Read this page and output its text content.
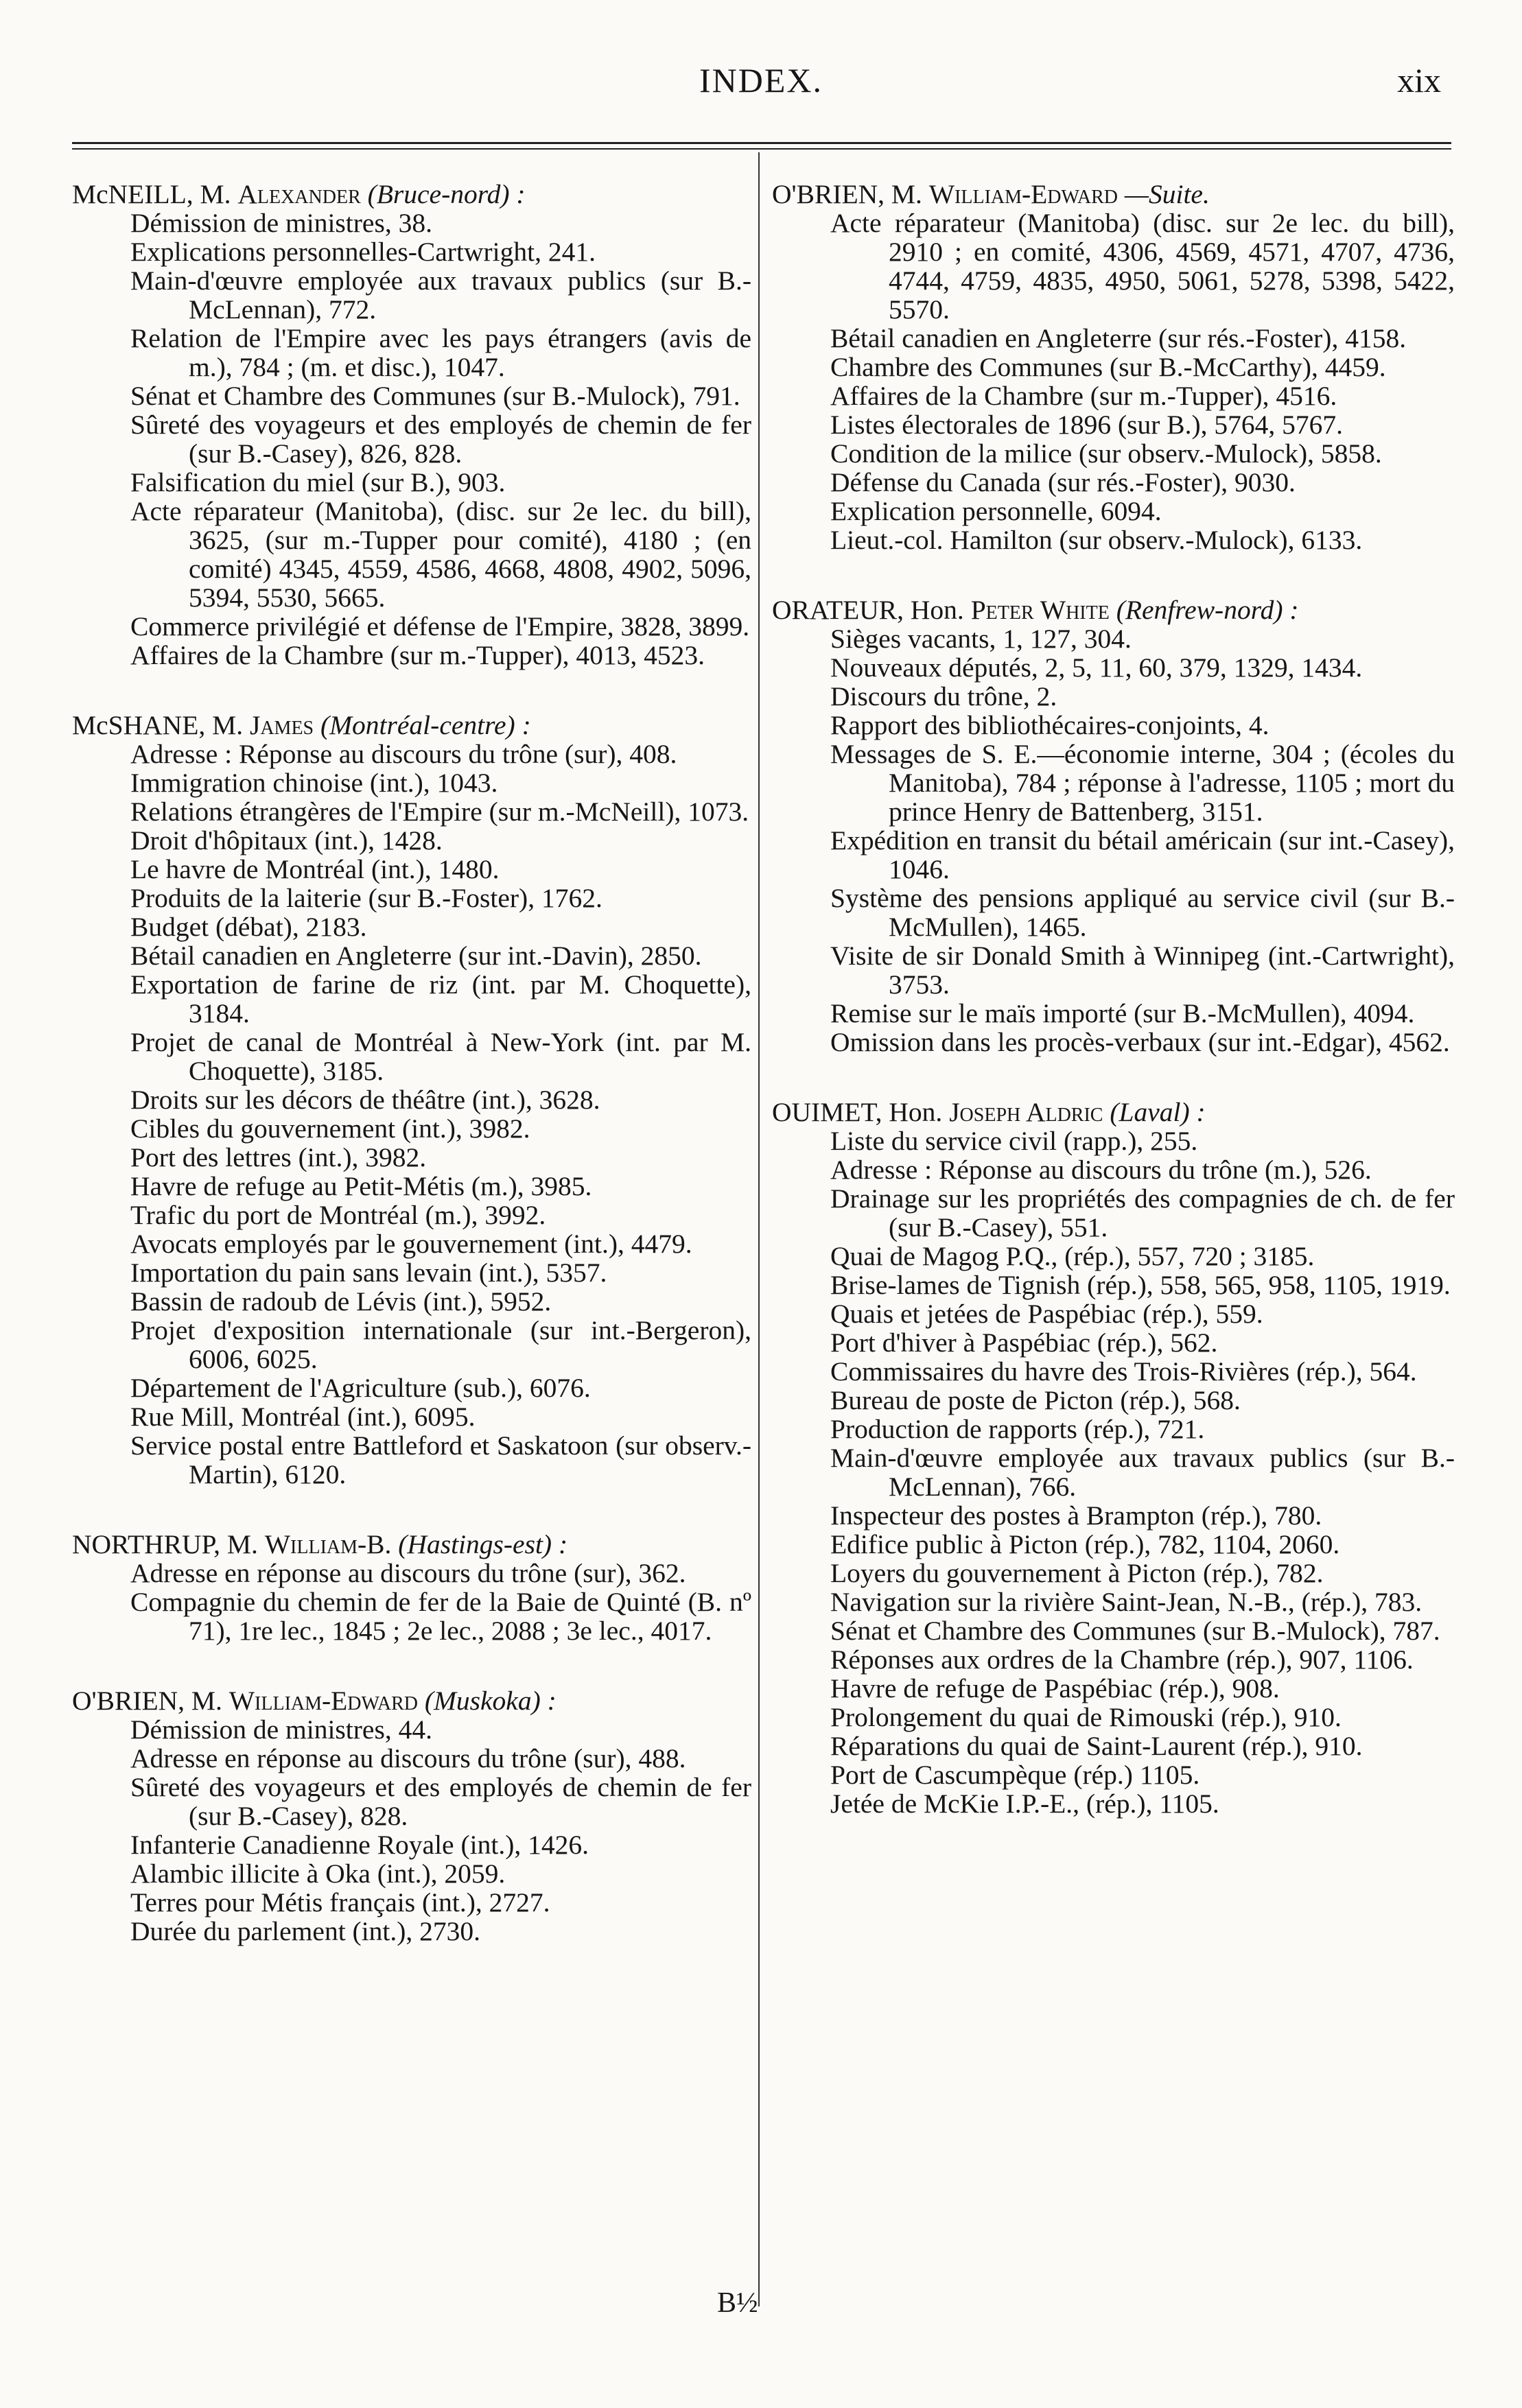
INDEX.	xix
McNEILL, M. Alexander (Bruce-nord) :
Démission de ministres, 38.
Explications personnelles-Cartwright, 241.
Main-d'œuvre employée aux travaux publics (sur B.-McLennan), 772.
Relation de l'Empire avec les pays étrangers (avis de m.), 784 ; (m. et disc.), 1047.
Sénat et Chambre des Communes (sur B.-Mulock), 791.
Sûreté des voyageurs et des employés de chemin de fer (sur B.-Casey), 826, 828.
Falsification du miel (sur B.), 903.
Acte réparateur (Manitoba), (disc. sur 2e lec. du bill), 3625, (sur m.-Tupper pour comité), 4180 ; (en comité) 4345, 4559, 4586, 4668, 4808, 4902, 5096, 5394, 5530, 5665.
Commerce privilégié et défense de l'Empire, 3828, 3899.
Affaires de la Chambre (sur m.-Tupper), 4013, 4523.
McSHANE, M. James (Montréal-centre) :
Adresse : Réponse au discours du trône (sur), 408.
Immigration chinoise (int.), 1043.
Relations étrangères de l'Empire (sur m.-McNeill), 1073.
Droit d'hôpitaux (int.), 1428.
Le havre de Montréal (int.), 1480.
Produits de la laiterie (sur B.-Foster), 1762.
Budget (débat), 2183.
Bétail canadien en Angleterre (sur int.-Davin), 2850.
Exportation de farine de riz (int. par M. Choquette), 3184.
Projet de canal de Montréal à New-York (int. par M. Choquette), 3185.
Droits sur les décors de théâtre (int.), 3628.
Cibles du gouvernement (int.), 3982.
Port des lettres (int.), 3982.
Havre de refuge au Petit-Métis (m.), 3985.
Trafic du port de Montréal (m.), 3992.
Avocats employés par le gouvernement (int.), 4479.
Importation du pain sans levain (int.), 5357.
Bassin de radoub de Lévis (int.), 5952.
Projet d'exposition internationale (sur int.-Bergeron), 6006, 6025.
Département de l'Agriculture (sub.), 6076.
Rue Mill, Montréal (int.), 6095.
Service postal entre Battleford et Saskatoon (sur observ.-Martin), 6120.
NORTHRUP, M. William-B. (Hastings-est) :
Adresse en réponse au discours du trône (sur), 362.
Compagnie du chemin de fer de la Baie de Quinté (B. nº 71), 1re lec., 1845 ; 2e lec., 2088 ; 3e lec., 4017.
O'BRIEN, M. William-Edward (Muskoka) :
Démission de ministres, 44.
Adresse en réponse au discours du trône (sur), 488.
Sûreté des voyageurs et des employés de chemin de fer (sur B.-Casey), 828.
Infanterie Canadienne Royale (int.), 1426.
Alambic illicite à Oka (int.), 2059.
Terres pour Métis français (int.), 2727.
Durée du parlement (int.), 2730.
O'BRIEN, M. William-Edward —Suite.
Acte réparateur (Manitoba) (disc. sur 2e lec. du bill), 2910 ; en comité, 4306, 4569, 4571, 4707, 4736, 4744, 4759, 4835, 4950, 5061, 5278, 5398, 5422, 5570.
Bétail canadien en Angleterre (sur rés.-Foster), 4158.
Chambre des Communes (sur B.-McCarthy), 4459.
Affaires de la Chambre (sur m.-Tupper), 4516.
Listes électorales de 1896 (sur B.), 5764, 5767.
Condition de la milice (sur observ.-Mulock), 5858.
Défense du Canada (sur rés.-Foster), 9030.
Explication personnelle, 6094.
Lieut.-col. Hamilton (sur observ.-Mulock), 6133.
ORATEUR, Hon. Peter White (Renfrew-nord) :
Sièges vacants, 1, 127, 304.
Nouveaux députés, 2, 5, 11, 60, 379, 1329, 1434.
Discours du trône, 2.
Rapport des bibliothécaires-conjoints, 4.
Messages de S. E.—économie interne, 304 ; (écoles du Manitoba), 784 ; réponse à l'adresse, 1105 ; mort du prince Henry de Battenberg, 3151.
Expédition en transit du bétail américain (sur int.-Casey), 1046.
Système des pensions appliqué au service civil (sur B.-McMullen), 1465.
Visite de sir Donald Smith à Winnipeg (int.-Cartwright), 3753.
Remise sur le maïs importé (sur B.-McMullen), 4094.
Omission dans les procès-verbaux (sur int.-Edgar), 4562.
OUIMET, Hon. Joseph Aldric (Laval) :
Liste du service civil (rapp.), 255.
Adresse : Réponse au discours du trône (m.), 526.
Drainage sur les propriétés des compagnies de ch. de fer (sur B.-Casey), 551.
Quai de Magog P.Q., (rép.), 557, 720 ; 3185.
Brise-lames de Tignish (rép.), 558, 565, 958, 1105, 1919.
Quais et jetées de Paspébiac (rép.), 559.
Port d'hiver à Paspébiac (rép.), 562.
Commissaires du havre des Trois-Rivières (rép.), 564.
Bureau de poste de Picton (rép.), 568.
Production de rapports (rép.), 721.
Main-d'œuvre employée aux travaux publics (sur B.-McLennan), 766.
Inspecteur des postes à Brampton (rép.), 780.
Edifice public à Picton (rép.), 782, 1104, 2060.
Loyers du gouvernement à Picton (rép.), 782.
Navigation sur la rivière Saint-Jean, N.-B., (rép.), 783.
Sénat et Chambre des Communes (sur B.-Mulock), 787.
Réponses aux ordres de la Chambre (rép.), 907, 1106.
Havre de refuge de Paspébiac (rép.), 908.
Prolongement du quai de Rimouski (rép.), 910.
Réparations du quai de Saint-Laurent (rép.), 910.
Port de Cascumpèque (rép.) 1105.
Jetée de McKie I.P.-E., (rép.), 1105.
B½
